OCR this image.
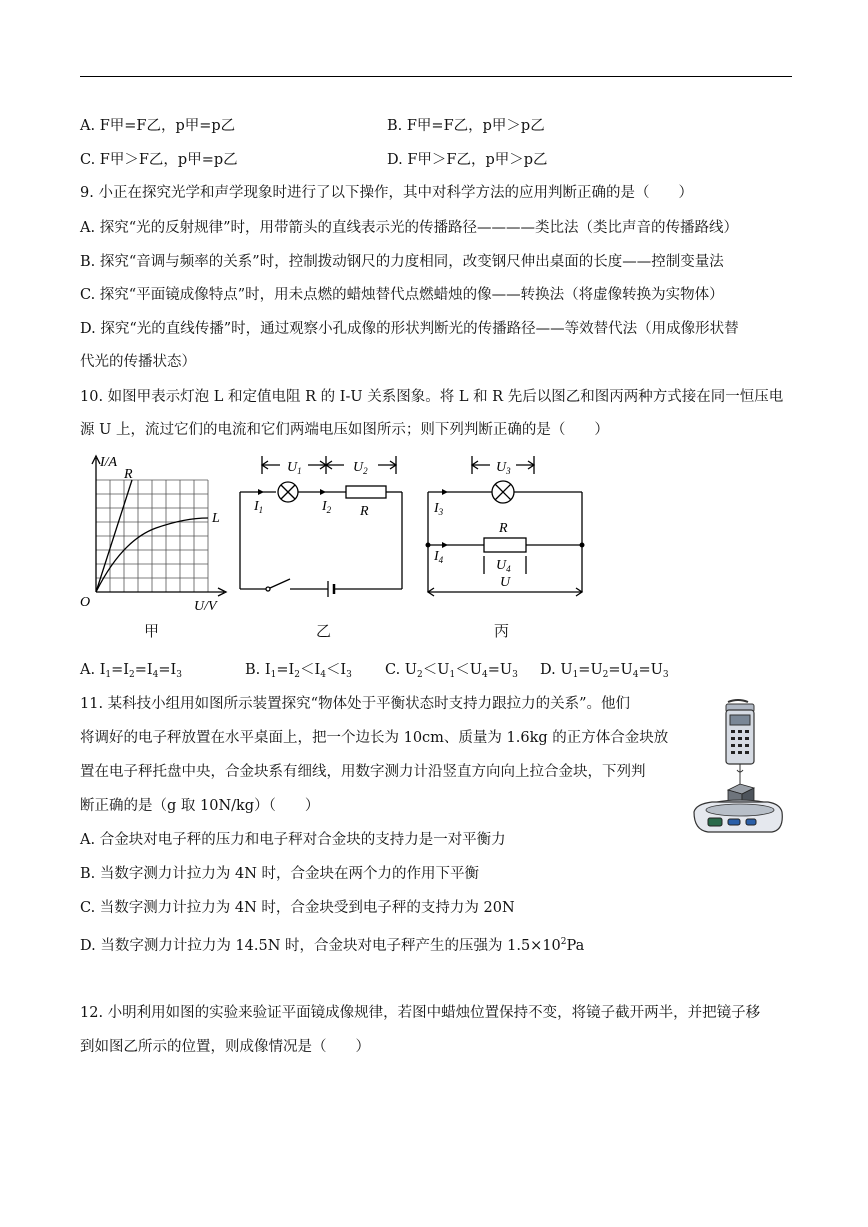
A. F甲=F乙，p甲=p乙	B. F甲=F乙，p甲＞p乙
C. F甲＞F乙，p甲=p乙	D. F甲＞F乙，p甲＞p乙
9. 小正在探究光学和声学现象时进行了以下操作，其中对科学方法的应用判断正确的是（　　）
A. 探究“光的反射规律”时，用带箭头的直线表示光的传播路径————类比法（类比声音的传播路线）
B. 探究“音调与频率的关系”时，控制拨动钢尺的力度相同，改变钢尺伸出桌面的长度——控制变量法
C. 探究“平面镜成像特点”时，用未点燃的蜡烛替代点燃蜡烛的像——转换法（将虚像转换为实物体）
D. 探究“光的直线传播”时，通过观察小孔成像的形状判断光的传播路径——等效替代法（用成像形状替
代光的传播状态）
10. 如图甲表示灯泡 L 和定值电阻 R 的 I-U 关系图象。将 L 和 R 先后以图乙和图丙两种方式接在同一恒压电
源 U 上，流过它们的电流和它们两端电压如图所示；则下列判断正确的是（　　）
I/A
R
L
O	U/V
甲
$U_1$	$U_2$
$I_1$	$I_2$ R
乙
$U_3$
$I_3$
R
$I_4$	$U_4$
U
丙
A. $I_1=I_2=I_4=I_3$	B. $I_1=I_2<I_4<I_3$ C. $U_2<U_1<U_4=U_3$ D. $U_1=U_2=U_4=U_3$
11. 某科技小组用如图所示装置探究“物体处于平衡状态时支持力跟拉力的关系”。他们
将调好的电子秤放置在水平桌面上，把一个边长为 10cm、质量为 1.6kg 的正方体合金块放
置在电子秤托盘中央，合金块系有细线，用数字测力计沿竖直方向向上拉合金块，下列判
断正确的是（g 取 10N/kg）（　　）
A. 合金块对电子秤的压力和电子秤对合金块的支持力是一对平衡力
B. 当数字测力计拉力为 4N 时，合金块在两个力的作用下平衡
C. 当数字测力计拉力为 4N 时，合金块受到电子秤的支持力为 20N
D. 当数字测力计拉力为 14.5N 时，合金块对电子秤产生的压强为 $1.5\times 10^2Pa$
12. 小明利用如图的实验来验证平面镜成像规律，若图中蜡烛位置保持不变，将镜子截开两半，并把镜子移
到如图乙所示的位置，则成像情况是（　　）
